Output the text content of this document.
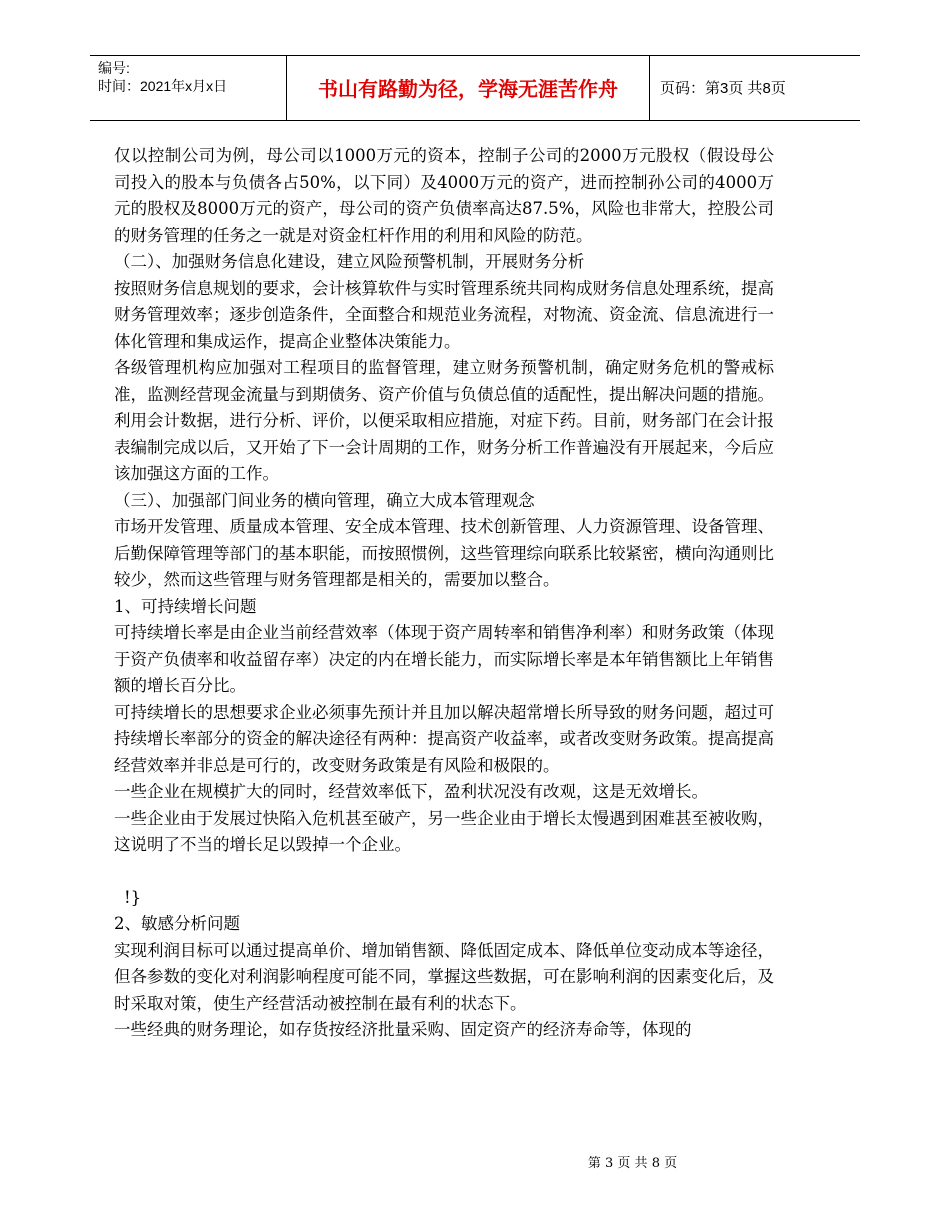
编号:
时间：2021年x月x日	书山有路勤为径，学海无涯苦作舟	页码：第3页 共8页

仅以控制公司为例，母公司以1000万元的资本，控制子公司的2000万元股权（假设母公司投入的股本与负债各占50%，以下同）及4000万元的资产，进而控制孙公司的4000万元的股权及8000万元的资产，母公司的资产负债率高达87.5%，风险也非常大，控股公司的财务管理的任务之一就是对资金杠杆作用的利用和风险的防范。

（二）、加强财务信息化建设，建立风险预警机制，开展财务分析

按照财务信息规划的要求，会计核算软件与实时管理系统共同构成财务信息处理系统，提高财务管理效率；逐步创造条件，全面整合和规范业务流程，对物流、资金流、信息流进行一体化管理和集成运作，提高企业整体决策能力。

各级管理机构应加强对工程项目的监督管理，建立财务预警机制，确定财务危机的警戒标准，监测经营现金流量与到期债务、资产价值与负债总值的适配性，提出解决问题的措施。

利用会计数据，进行分析、评价，以便采取相应措施，对症下药。目前，财务部门在会计报表编制完成以后，又开始了下一会计周期的工作，财务分析工作普遍没有开展起来，今后应该加强这方面的工作。

（三）、加强部门间业务的横向管理，确立大成本管理观念

市场开发管理、质量成本管理、安全成本管理、技术创新管理、人力资源管理、设备管理、后勤保障管理等部门的基本职能，而按照惯例，这些管理综向联系比较紧密，横向沟通则比较少，然而这些管理与财务管理都是相关的，需要加以整合。

1、可持续增长问题

可持续增长率是由企业当前经营效率（体现于资产周转率和销售净利率）和财务政策（体现于资产负债率和收益留存率）决定的内在增长能力，而实际增长率是本年销售额比上年销售额的增长百分比。

可持续增长的思想要求企业必须事先预计并且加以解决超常增长所导致的财务问题，超过可持续增长率部分的资金的解决途径有两种：提高资产收益率，或者改变财务政策。提高提高经营效率并非总是可行的，改变财务政策是有风险和极限的。

一些企业在规模扩大的同时，经营效率低下，盈利状况没有改观，这是无效增长。

一些企业由于发展过快陷入危机甚至破产，另一些企业由于增长太慢遇到困难甚至被收购，这说明了不当的增长足以毁掉一个企业。

!}

2、敏感分析问题

实现利润目标可以通过提高单价、增加销售额、降低固定成本、降低单位变动成本等途径，但各参数的变化对利润影响程度可能不同，掌握这些数据，可在影响利润的因素变化后，及时采取对策，使生产经营活动被控制在最有利的状态下。

一些经典的财务理论，如存货按经济批量采购、固定资产的经济寿命等，体现的

第 3 页 共 8 页
